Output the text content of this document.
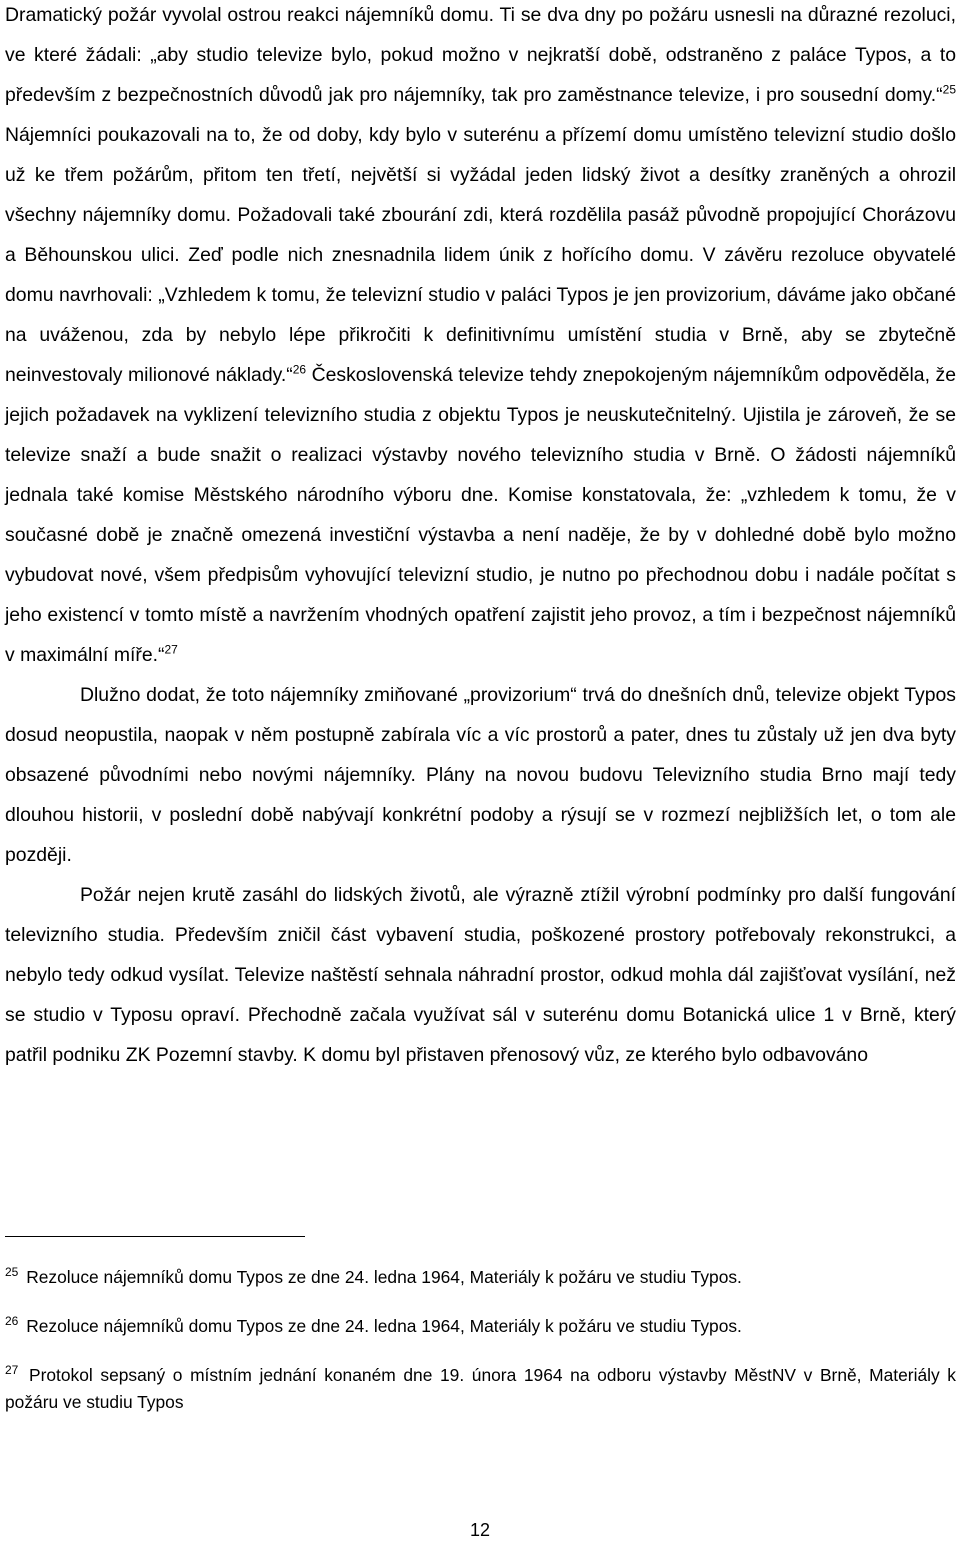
Dramatický požár vyvolal ostrou reakci nájemníků domu. Ti se dva dny po požáru usnesli na důrazné rezoluci, ve které žádali: „aby studio televize bylo, pokud možno v nejkratší době, odstraněno z paláce Typos, a to především z bezpečnostních důvodů jak pro nájemníky, tak pro zaměstnance televize, i pro sousední domy.“$^{25}$ Nájemníci poukazovali na to, že od doby, kdy bylo v suterénu a přízemí domu umístěno televizní studio došlo už ke třem požárům, přitom ten třetí, největší si vyžádal jeden lidský život a desítky zraněných a ohrozil všechny nájemníky domu. Požadovali také zbourání zdi, která rozdělila pasáž původně propojující Chorázovu a Běhounskou ulici. Zeď podle nich znesnadnila lidem únik z hořícího domu. V závěru rezoluce obyvatelé domu navrhovali: „Vzhledem k tomu, že televizní studio v paláci Typos je jen provizorium, dáváme jako občané na uváženou, zda by nebylo lépe přikročiti k definitivnímu umístění studia v Brně, aby se zbytečně neinvestovaly milionové náklady.“$^{26}$ Československá televize tehdy znepokojeným nájemníkům odpověděla, že jejich požadavek na vyklizení televizního studia z objektu Typos je neuskutečnitelný. Ujistila je zároveň, že se televize snaží a bude snažit o realizaci výstavby nového televizního studia v Brně. O žádosti nájemníků jednala také komise Městského národního výboru dne. Komise konstatovala, že: „vzhledem k tomu, že v současné době je značně omezená investiční výstavba a není naděje, že by v dohledné době bylo možno vybudovat nové, všem předpisům vyhovující televizní studio, je nutno po přechodnou dobu i nadále počítat s jeho existencí v tomto místě a navržením vhodných opatření zajistit jeho provoz, a tím i bezpečnost nájemníků v maximální míře.“$^{27}$

Dlužno dodat, že toto nájemníky zmiňované „provizorium“ trvá do dnešních dnů, televize objekt Typos dosud neopustila, naopak v něm postupně zabírala víc a víc prostorů a pater, dnes tu zůstaly už jen dva byty obsazené původními nebo novými nájemníky. Plány na novou budovu Televizního studia Brno mají tedy dlouhou historii, v poslední době nabývají konkrétní podoby a rýsují se v rozmezí nejbližších let, o tom ale později.

Požár nejen krutě zasáhl do lidských životů, ale výrazně ztížil výrobní podmínky pro další fungování televizního studia. Především zničil část vybavení studia, poškozené prostory potřebovaly rekonstrukci, a nebylo tedy odkud vysílat. Televize naštěstí sehnala náhradní prostor, odkud mohla dál zajišťovat vysílání, než se studio v Typosu opraví. Přechodně začala využívat sál v suterénu domu Botanická ulice 1 v Brně, který patřil podniku ZK Pozemní stavby. K domu byl přistaven přenosový vůz, ze kterého bylo odbavováno

$^{25}$ Rezoluce nájemníků domu Typos ze dne 24. ledna 1964, Materiály k požáru ve studiu Typos.

$^{26}$ Rezoluce nájemníků domu Typos ze dne 24. ledna 1964, Materiály k požáru ve studiu Typos.

$^{27}$ Protokol sepsaný o místním jednání konaném dne 19. února 1964 na odboru výstavby MěstNV v Brně, Materiály k požáru ve studiu Typos

12
